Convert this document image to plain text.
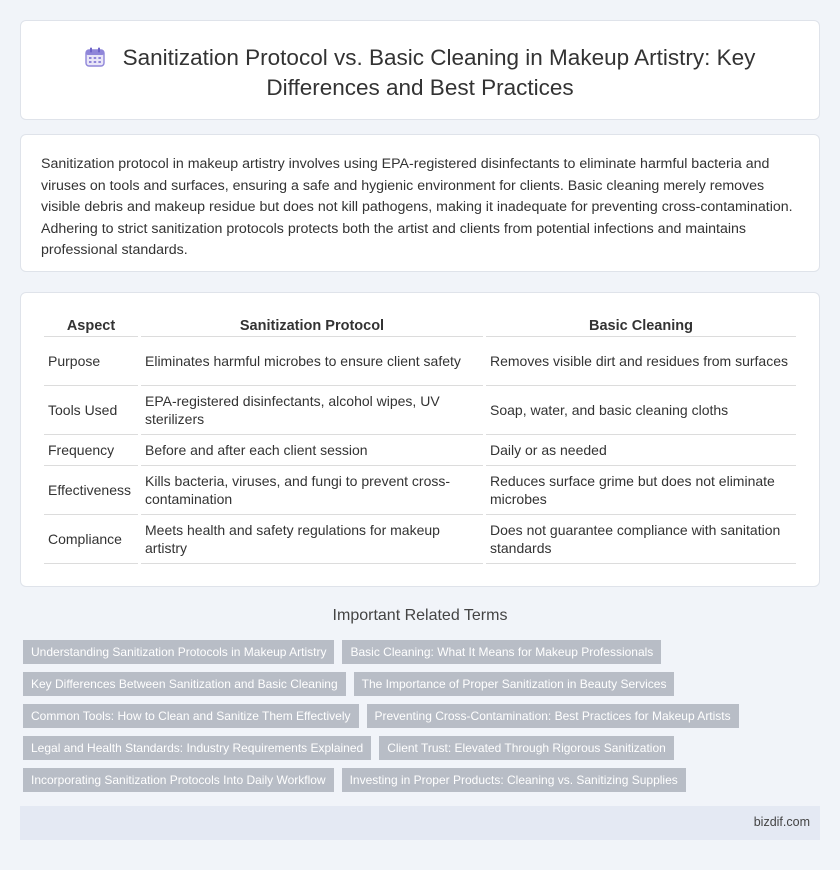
Sanitization Protocol vs. Basic Cleaning in Makeup Artistry: Key
Differences and Best Practices

Sanitization protocol in makeup artistry involves using EPA-registered disinfectants to eliminate harmful bacteria and viruses on tools and surfaces, ensuring a safe and hygienic environment for clients. Basic cleaning merely removes visible debris and makeup residue but does not kill pathogens, making it inadequate for preventing cross-contamination. Adhering to strict sanitization protocols protects both the artist and clients from potential infections and maintains professional standards.

Aspect	Sanitization Protocol	Basic Cleaning
Purpose	Eliminates harmful microbes to ensure client safety	Removes visible dirt and residues from surfaces
Tools Used	EPA-registered disinfectants, alcohol wipes, UV sterilizers	Soap, water, and basic cleaning cloths
Frequency	Before and after each client session	Daily or as needed
Effectiveness	Kills bacteria, viruses, and fungi to prevent cross-contamination	Reduces surface grime but does not eliminate microbes
Compliance	Meets health and safety regulations for makeup artistry	Does not guarantee compliance with sanitation standards
Important Related Terms
Understanding Sanitization Protocols in Makeup Artistry	Basic Cleaning: What It Means for Makeup Professionals
Key Differences Between Sanitization and Basic Cleaning	The Importance of Proper Sanitization in Beauty Services
Common Tools: How to Clean and Sanitize Them Effectively	Preventing Cross-Contamination: Best Practices for Makeup Artists
Legal and Health Standards: Industry Requirements Explained	Client Trust: Elevated Through Rigorous Sanitization
Incorporating Sanitization Protocols Into Daily Workflow	Investing in Proper Products: Cleaning vs. Sanitizing Supplies
bizdif.com
